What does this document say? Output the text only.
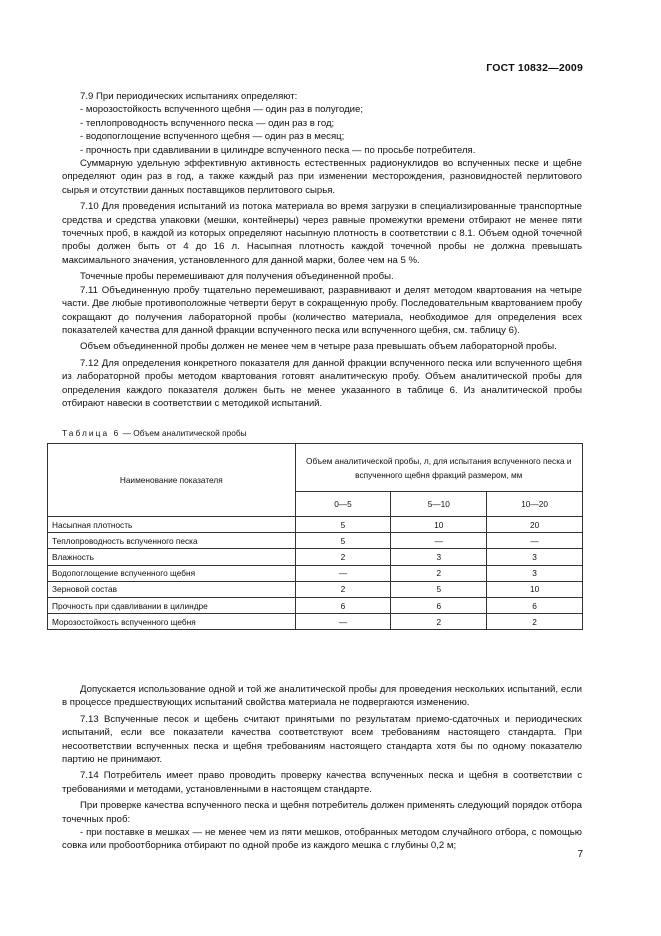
ГОСТ 10832—2009

7.9 При периодических испытаниях определяют:

- морозостойкость вспученного щебня — один раз в полугодие;

- теплопроводность вспученного песка — один раз в год;

- водопоглощение вспученного щебня — один раз в месяц;

- прочность при сдавливании в цилиндре вспученного песка — по просьбе потребителя.

Суммарную удельную эффективную активность естественных радионуклидов во вспученных песке и щебне определяют один раз в год, а также каждый раз при изменении месторождения, разновидностей перлитового сырья и отсутствии данных поставщиков перлитового сырья.

7.10 Для проведения испытаний из потока материала во время загрузки в специализированные транспортные средства и средства упаковки (мешки, контейнеры) через равные промежутки времени отбирают не менее пяти точечных проб, в каждой из которых определяют насыпную плотность в соответствии с 8.1. Объем одной точечной пробы должен быть от 4 до 16 л. Насыпная плотность каждой точечной пробы не должна превышать максимального значения, установленного для данной марки, более чем на 5 %.

Точечные пробы перемешивают для получения объединенной пробы.

7.11 Объединенную пробу тщательно перемешивают, разравнивают и делят методом квартования на четыре части. Две любые противоположные четверти берут в сокращенную пробу. Последовательным квартованием пробу сокращают до получения лабораторной пробы (количество материала, необходимое для определения всех показателей качества для данной фракции вспученного песка или вспученного щебня, см. таблицу 6).

Объем объединенной пробы должен не менее чем в четыре раза превышать объем лабораторной пробы.

7.12 Для определения конкретного показателя для данной фракции вспученного песка или вспученного щебня из лабораторной пробы методом квартования готовят аналитическую пробу. Объем аналитической пробы для определения каждого показателя должен быть не менее указанного в таблице 6. Из аналитической пробы отбирают навески в соответствии с методикой испытаний.

Таблица 6 — Объем аналитической пробы
Наименование показателя	Объем аналитической пробы, л, для испытания вспученного песка и вспученного щебня фракций размером, мм		
	0—5	5—10	10—20
Насыпная плотность	5	10	20
Теплопроводность вспученного песка	5	—	—
Влажность	2	3	3
Водопоглощение вспученного щебня	—	2	3
Зерновой состав	2	5	10
Прочность при сдавливании в цилиндре	6	6	6
Морозостойкость вспученного щебня	—	2	2

Допускается использование одной и той же аналитической пробы для проведения нескольких испытаний, если в процессе предшествующих испытаний свойства материала не подвергаются изменению.

7.13 Вспученные песок и щебень считают принятыми по результатам приемо-сдаточных и периодических испытаний, если все показатели качества соответствуют всем требованиям настоящего стандарта. При несоответствии вспученных песка и щебня требованиям настоящего стандарта хотя бы по одному показателю партию не принимают.

7.14 Потребитель имеет право проводить проверку качества вспученных песка и щебня в соответствии с требованиями и методами, установленными в настоящем стандарте.

При проверке качества вспученного песка и щебня потребитель должен применять следующий порядок отбора точечных проб:

- при поставке в мешках — не менее чем из пяти мешков, отобранных методом случайного отбора, с помощью совка или пробоотборника отбирают по одной пробе из каждого мешка с глубины 0,2 м;

7
